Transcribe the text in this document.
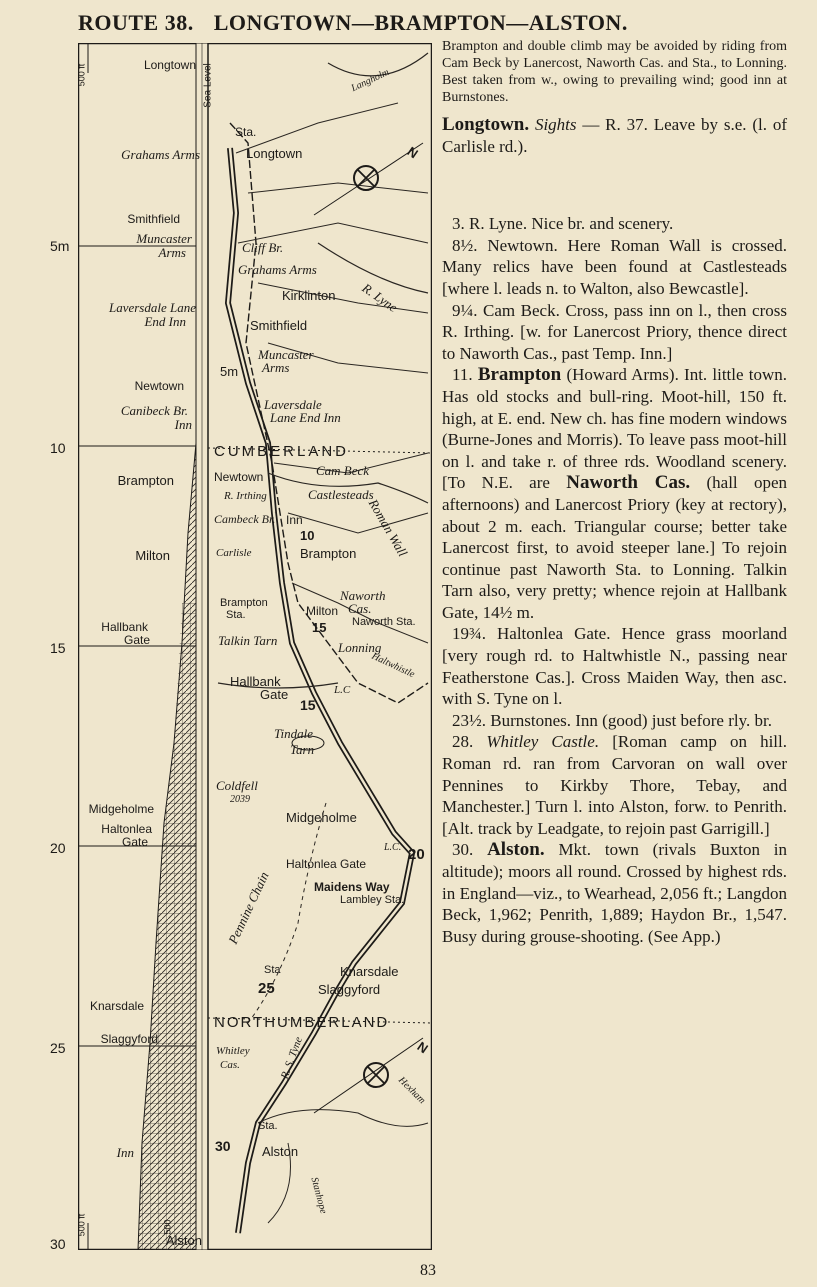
ROUTE 38. LONGTOWN—BRAMPTON—ALSTON.
5m
10
15
20
25
30
Longtown
Grahams Arms
Smithfield
Muncaster
Arms
Laversdale Lane
End Inn
Newtown
Canibeck Br.
Inn
Brampton
Milton
Hallbank
Gate
Midgeholme
Haltonlea
Gate
Knarsdale
Slaggyford
Inn
Alston
Sta.
Longtown
Cliff Br.
Grahams Arms
Kirklinton R. Lyne
Smithfield
Muncaster
Arms
5m
Laversdale
Lane End Inn
CUMBERLAND
Cam Beck
Newtown
Castlesteads
R. Irthing
Cambeck Br. Inn
10
Brampton
Carlisle	Roman Wall
Naworth
Cas.
Brampton
Sta.	Milton
Naworth Sta.
15
Talkin Tarn	Lonning
Haltwhistle
Hallbank
Gate	L.C
15
Tindale
Tarn
Coldfell
2039
Midgeholme
L.C.
Haltonlea Gate
20
Maidens Way
Lambley Sta.
Pennine Chain
Sta	Knarsdale
25	Slaggyford
NORTHUMBERLAND
Whitley
Cas.	R. S. Tyne
Sta.
30 Alston
Stanhope
Hexham
Langholm
N
N
500 ft	Sea Level
500 ft	500
Brampton and double climb may be avoided by riding from Cam Beck by Lanercost, Naworth Cas. and Sta., to Lonning. Best taken from w., owing to prevailing wind; good inn at Burnstones.

Longtown. Sights — R. 37. Leave by s.e. (l. of Carlisle rd.).

3. R. Lyne. Nice br. and scenery.

8½. Newtown. Here Roman Wall is crossed. Many relics have been found at Castlesteads [where l. leads n. to Walton, also Bewcastle].

9¼. Cam Beck. Cross, pass inn on l., then cross R. Irthing. [w. for Lanercost Priory, thence direct to Naworth Cas., past Temp. Inn.]

11. Brampton (Howard Arms). Int. little town. Has old stocks and bull-ring. Moot-hill, 150 ft. high, at E. end. New ch. has fine modern windows (Burne-Jones and Morris). To leave pass moot-hill on l. and take r. of three rds. Woodland scenery. [To N.E. are Naworth Cas. (hall open afternoons) and Lanercost Priory (key at rectory), about 2 m. each. Triangular course; better take Lanercost first, to avoid steeper lane.] To rejoin continue past Naworth Sta. to Lonning. Talkin Tarn also, very pretty; whence rejoin at Hallbank Gate, 14½ m.

19¾. Haltonlea Gate. Hence grass moorland [very rough rd. to Haltwhistle N., passing near Featherstone Cas.]. Cross Maiden Way, then asc. with S. Tyne on l.

23½. Burnstones. Inn (good) just before rly. br.

28. Whitley Castle. [Roman camp on hill. Roman rd. ran from Carvoran on wall over Pennines to Kirkby Thore, Tebay, and Manchester.] Turn l. into Alston, forw. to Penrith. [Alt. track by Leadgate, to rejoin past Garrigill.]

30. Alston. Mkt. town (rivals Buxton in altitude); moors all round. Crossed by highest rds. in England—viz., to Wearhead, 2,056 ft.; Langdon Beck, 1,962; Penrith, 1,889; Haydon Br., 1,547. Busy during grouse-shooting. (See App.)

83
